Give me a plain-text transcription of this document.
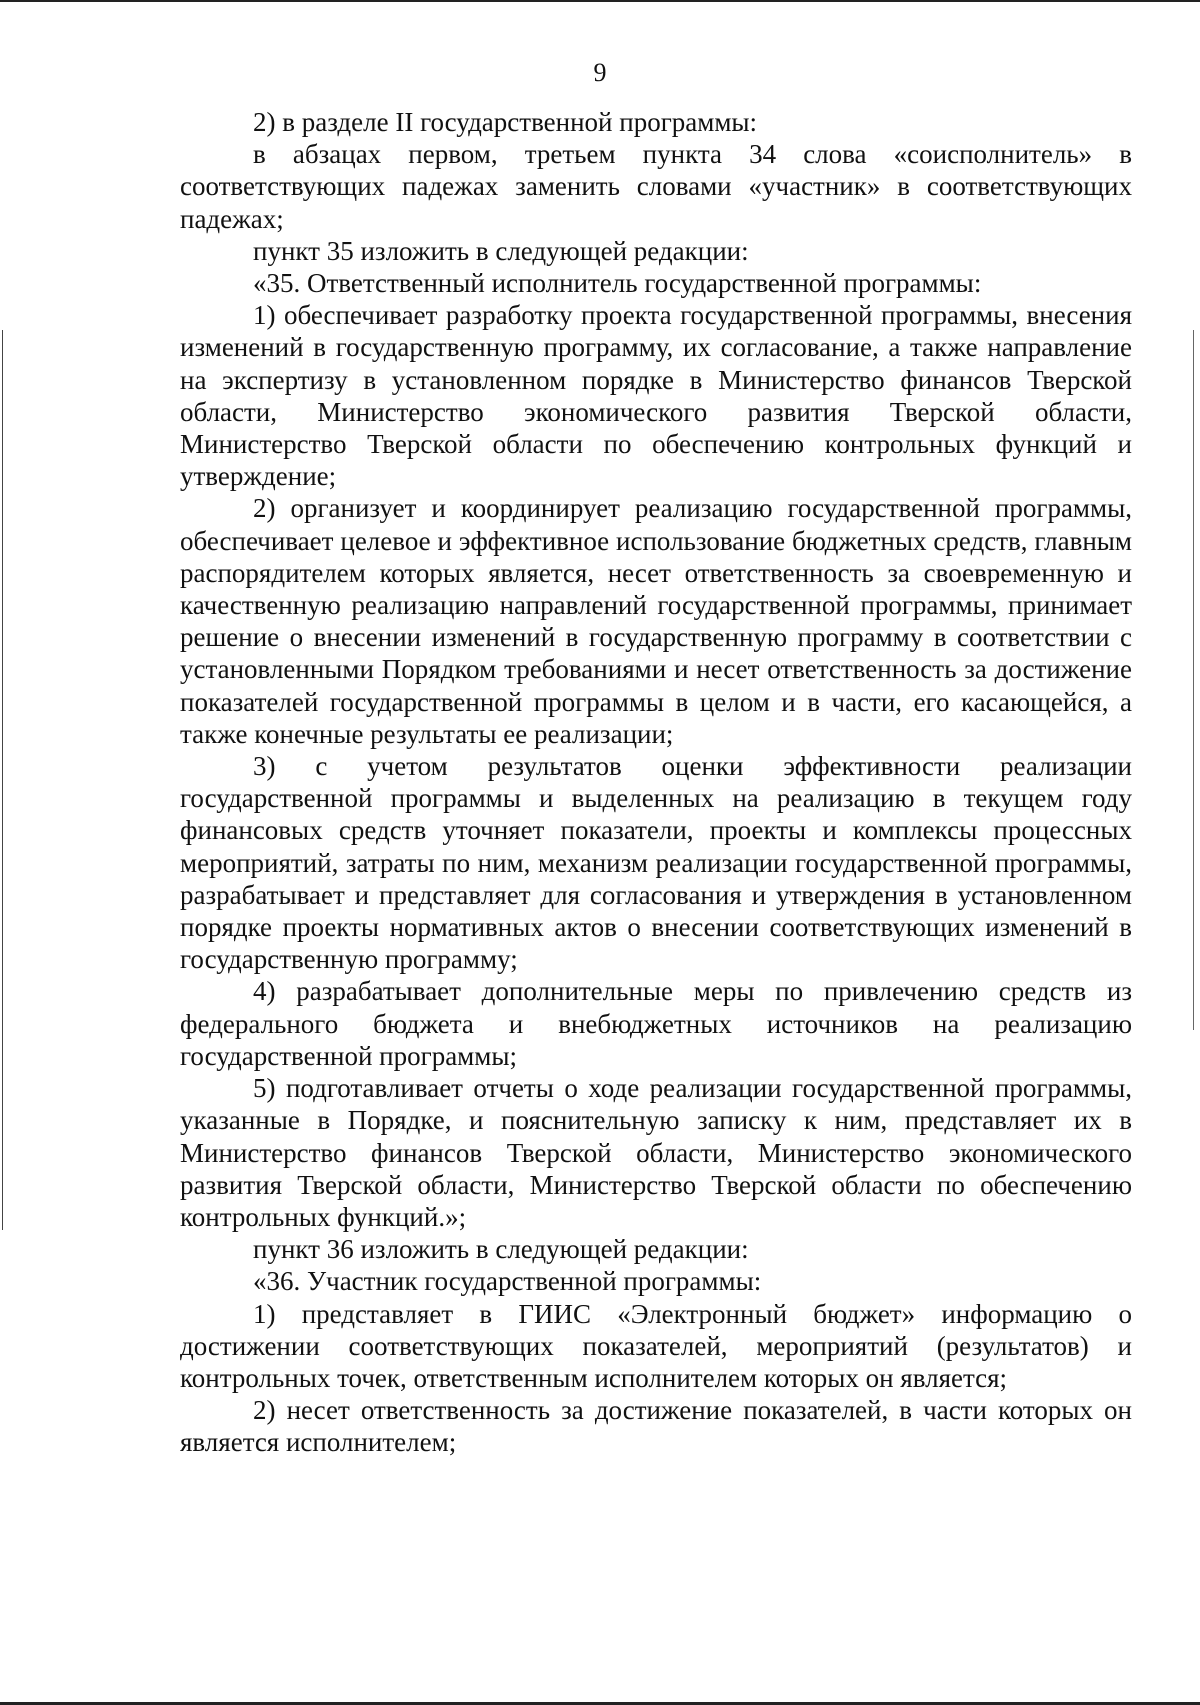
9

2) в разделе II государственной программы:

в абзацах первом, третьем пункта 34 слова «соисполнитель» в соответствующих падежах заменить словами «участник» в соответствующих падежах;

пункт 35 изложить в следующей редакции:

«35. Ответственный исполнитель государственной программы:

1) обеспечивает разработку проекта государственной программы, внесения изменений в государственную программу, их согласование, а также направление на экспертизу в установленном порядке в Министерство финансов Тверской области, Министерство экономического развития Тверской области, Министерство Тверской области по обеспечению контрольных функций и утверждение;

2) организует и координирует реализацию государственной программы, обеспечивает целевое и эффективное использование бюджетных средств, главным распорядителем которых является, несет ответственность за своевременную и качественную реализацию направлений государственной программы, принимает решение о внесении изменений в государственную программу в соответствии с установленными Порядком требованиями и несет ответственность за достижение показателей государственной программы в целом и в части, его касающейся, а также конечные результаты ее реализации;

3) с учетом результатов оценки эффективности реализации государственной программы и выделенных на реализацию в текущем году финансовых средств уточняет показатели, проекты и комплексы процессных мероприятий, затраты по ним, механизм реализации государственной программы, разрабатывает и представляет для согласования и утверждения в установленном порядке проекты нормативных актов о внесении соответствующих изменений в государственную программу;

4) разрабатывает дополнительные меры по привлечению средств из федерального бюджета и внебюджетных источников на реализацию государственной программы;

5) подготавливает отчеты о ходе реализации государственной программы, указанные в Порядке, и пояснительную записку к ним, представляет их в Министерство финансов Тверской области, Министерство экономического развития Тверской области, Министерство Тверской области по обеспечению контрольных функций.»;

пункт 36 изложить в следующей редакции:

«36. Участник государственной программы:

1) представляет в ГИИС «Электронный бюджет» информацию о достижении соответствующих показателей, мероприятий (результатов) и контрольных точек, ответственным исполнителем которых он является;

2) несет ответственность за достижение показателей, в части которых он является исполнителем;
